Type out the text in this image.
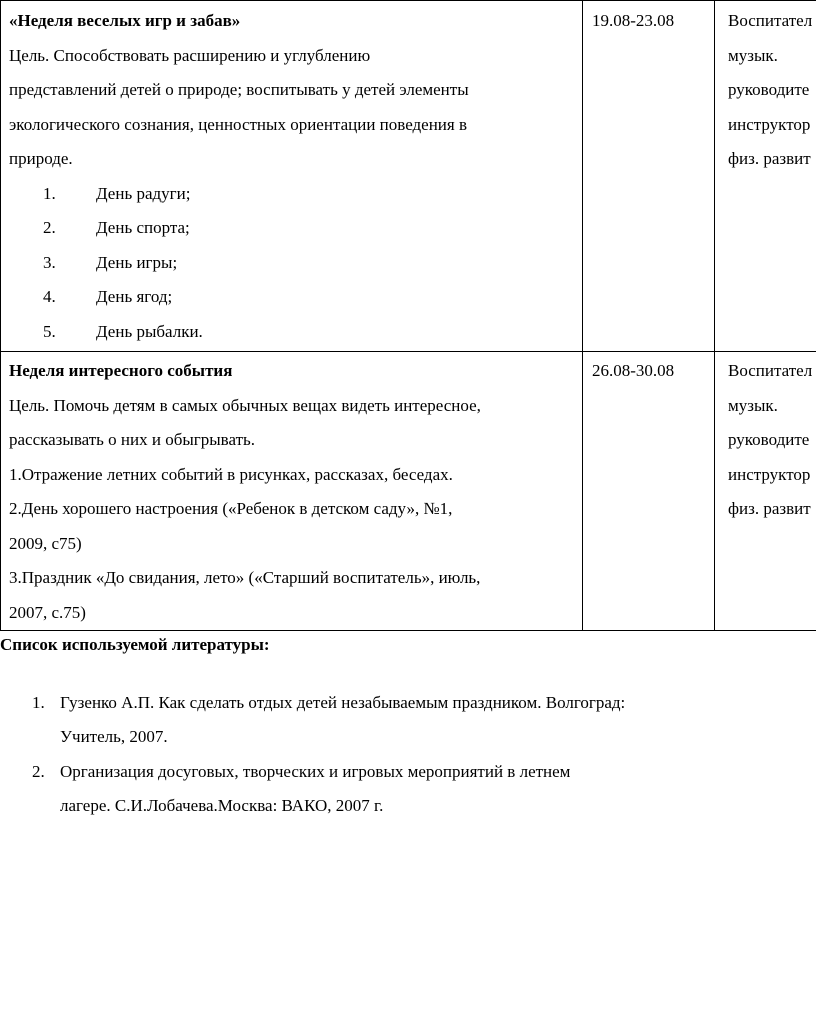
«Неделя веселых игр и забав»
Цель. Способствовать расширению и углублению
представлений детей о природе; воспитывать у детей элементы
экологического сознания, ценностных ориентации поведения в
природе.
1. День радуги;
2. День спорта;
3. День игры;
4. День ягод;
5. День рыбалки.
19.08-23.08	Воспитател
музык.
руководите
инструктор
физ. развит
Неделя интересного события
Цель. Помочь детям в самых обычных вещах видеть интересное,
рассказывать о них и обыгрывать.
1.Отражение летних событий в рисунках, рассказах, беседах.
2.День хорошего настроения («Ребенок в детском саду», №1,
2009, с75)
3.Праздник «До свидания, лето» («Старший воспитатель», июль,
2007, с.75)
26.08-30.08	Воспитател
музык.
руководите
инструктор
физ. развит
Список используемой литературы:
1. Гузенко А.П. Как сделать отдых детей незабываемым праздником. Волгоград:
Учитель, 2007.
2. Организация досуговых, творческих и игровых мероприятий в летнем
лагере. С.И.Лобачева.Москва: ВАКО, 2007 г.
